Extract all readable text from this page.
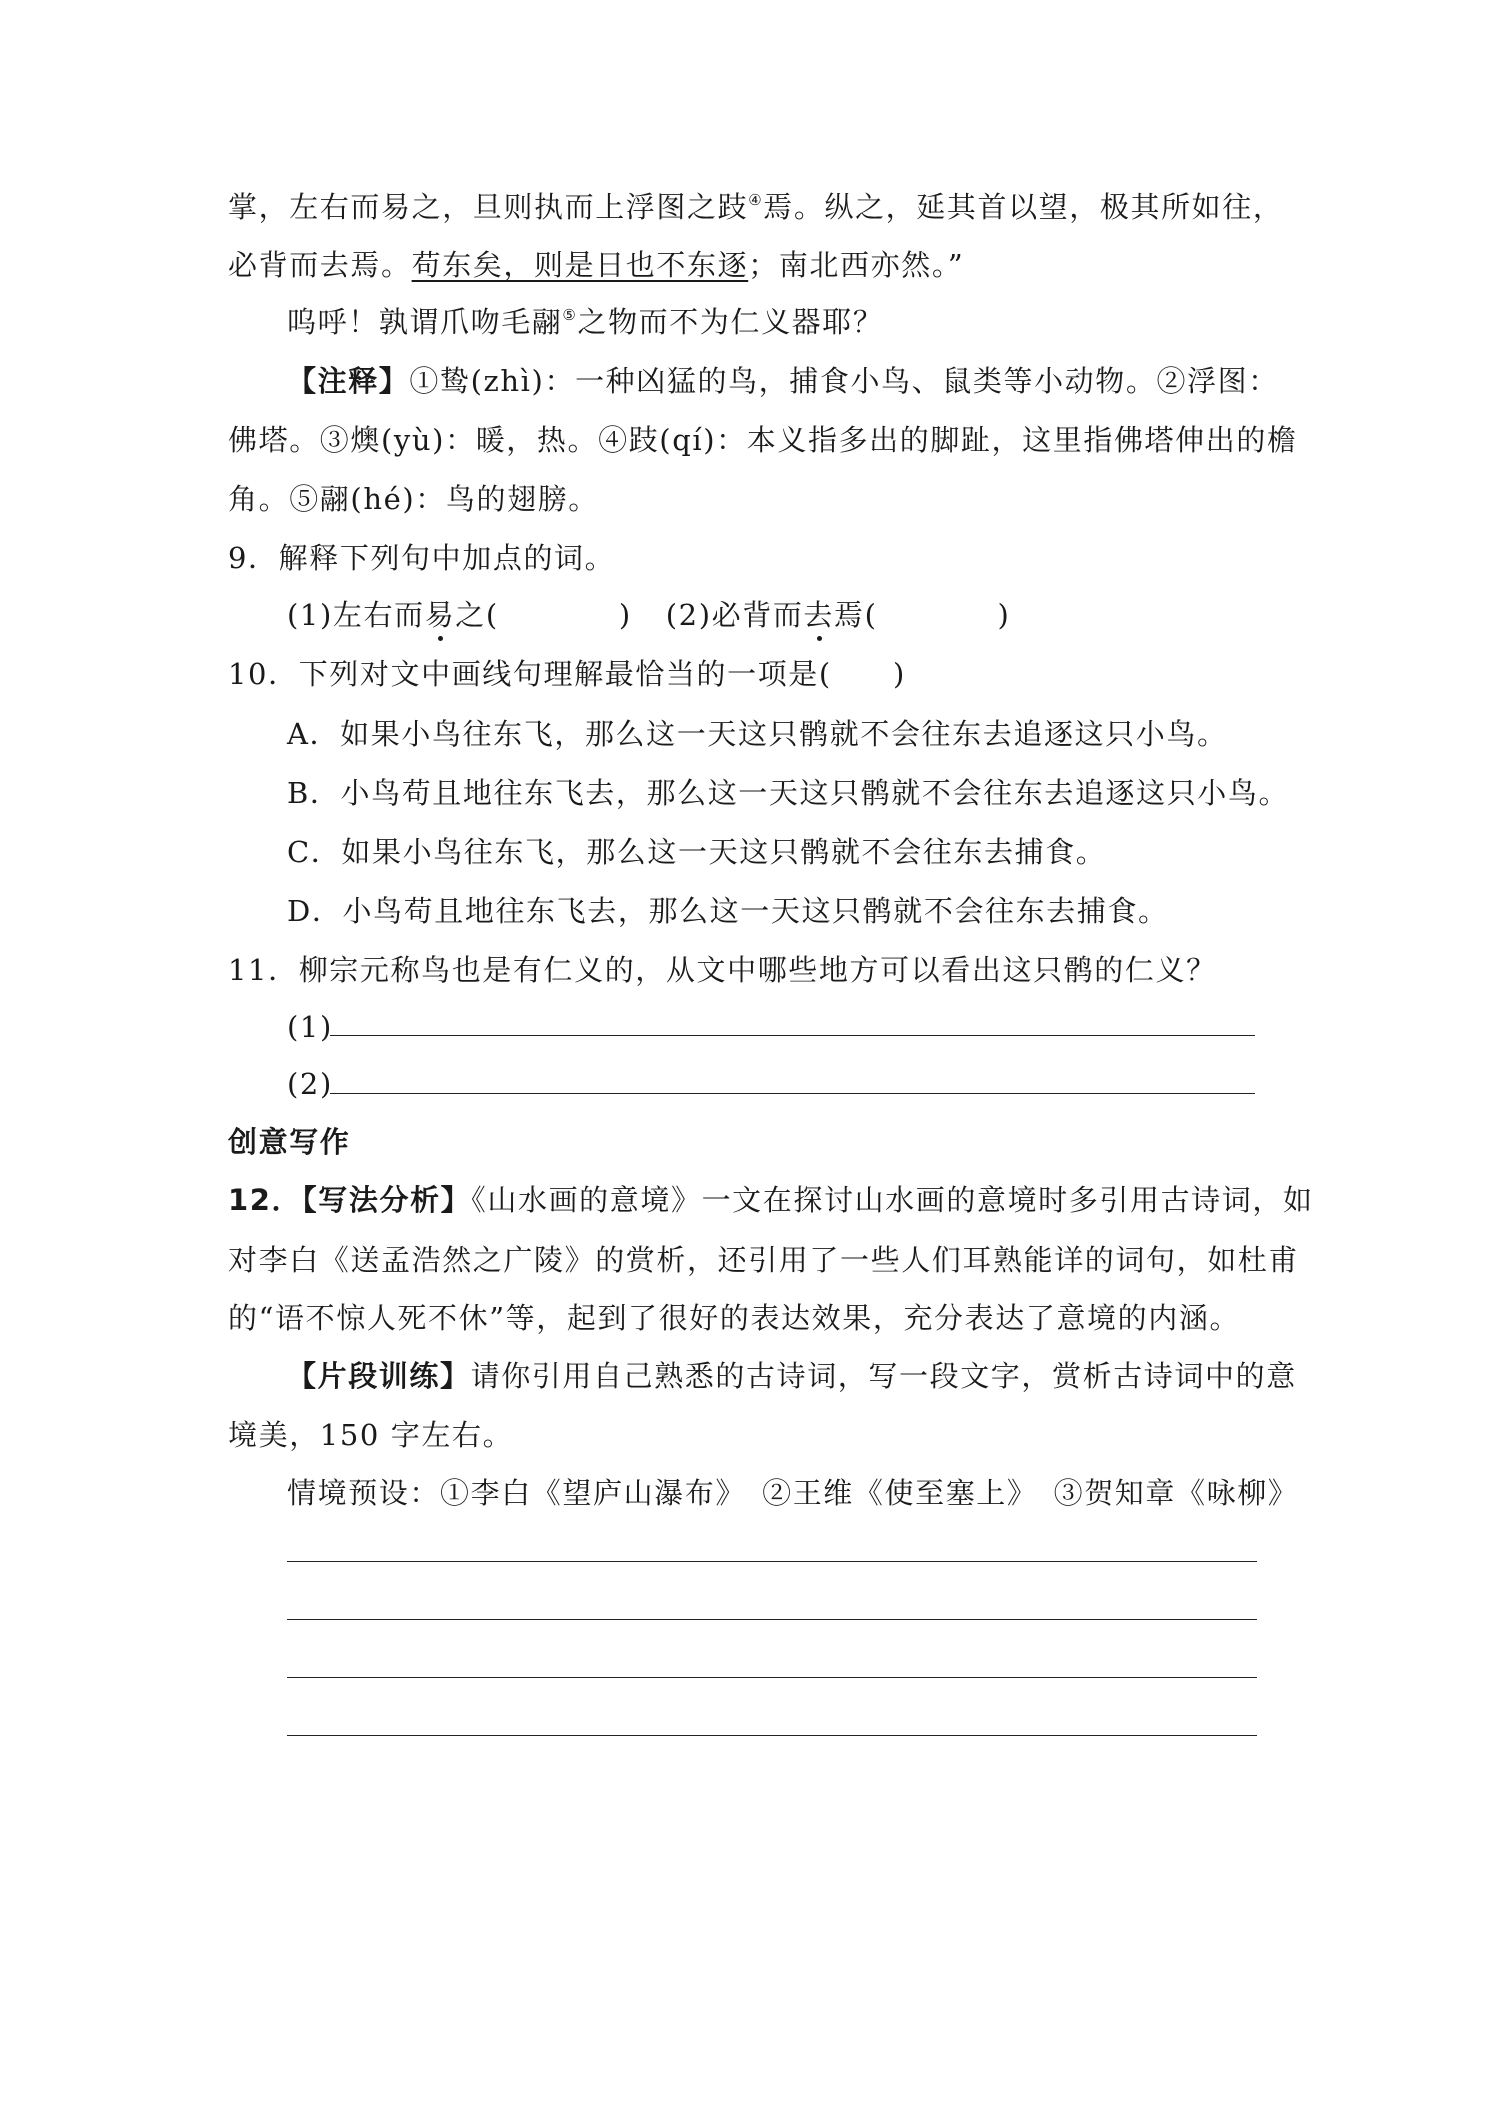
掌，左右而易之，旦则执而上浮图之跂④焉。纵之，延其首以望，极其所如往，
必背而去焉。苟东矣，则是日也不东逐；南北西亦然。”
呜呼！孰谓爪吻毛翮⑤之物而不为仁义器耶？
【注释】①鸷(zhì)：一种凶猛的鸟，捕食小鸟、鼠类等小动物。②浮图：
佛塔。③燠(yù)：暖，热。④跂(qí)：本义指多出的脚趾，这里指佛塔伸出的檐
角。⑤翮(hé)：鸟的翅膀。
9．解释下列句中加点的词。
(1)左右而易之(	) (2)必背而去焉(	)
10．下列对文中画线句理解最恰当的一项是(　　)
A．如果小鸟往东飞，那么这一天这只鹘就不会往东去追逐这只小鸟。
B．小鸟苟且地往东飞去，那么这一天这只鹘就不会往东去追逐这只小鸟。
C．如果小鸟往东飞，那么这一天这只鹘就不会往东去捕食。
D．小鸟苟且地往东飞去，那么这一天这只鹘就不会往东去捕食。
11．柳宗元称鸟也是有仁义的，从文中哪些地方可以看出这只鹘的仁义？
(1)
(2)
创意写作
12．【写法分析】《山水画的意境》一文在探讨山水画的意境时多引用古诗词，如
对李白《送孟浩然之广陵》的赏析，还引用了一些人们耳熟能详的词句，如杜甫
的“语不惊人死不休”等，起到了很好的表达效果，充分表达了意境的内涵。
【片段训练】请你引用自己熟悉的古诗词，写一段文字，赏析古诗词中的意
境美，150 字左右。
情境预设：①李白《望庐山瀑布》　②王维《使至塞上》　③贺知章《咏柳》
